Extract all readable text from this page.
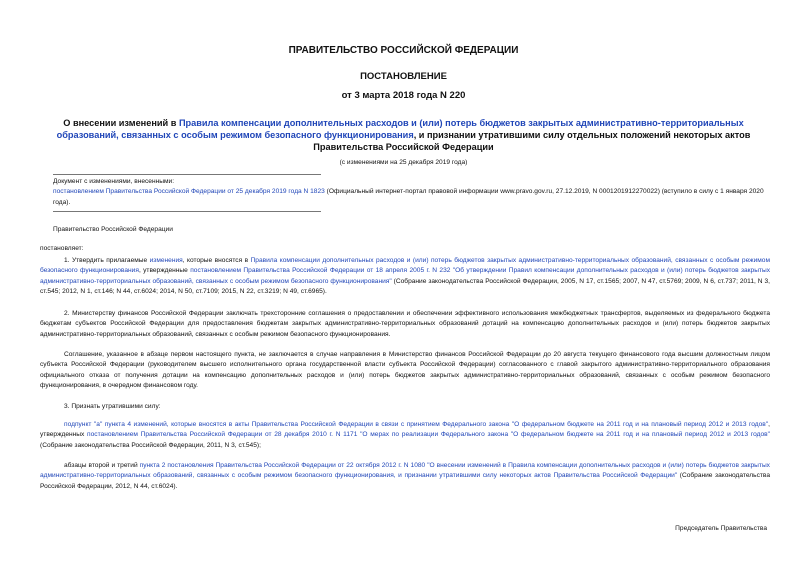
ПРАВИТЕЛЬСТВО РОССИЙСКОЙ ФЕДЕРАЦИИ
ПОСТАНОВЛЕНИЕ
от 3 марта 2018 года N 220
О внесении изменений в Правила компенсации дополнительных расходов и (или) потерь бюджетов закрытых административно-территориальных образований, связанных с особым режимом безопасного функционирования, и признании утратившими силу отдельных положений некоторых актов Правительства Российской Федерации
(с изменениями на 25 декабря 2019 года)
Документ с изменениями, внесенными:
постановлением Правительства Российской Федерации от 25 декабря 2019 года N 1823 (Официальный интернет-портал правовой информации www.pravo.gov.ru, 27.12.2019, N 0001201912270022) (вступило в силу с 1 января 2020 года).
Правительство Российской Федерации
постановляет:
1. Утвердить прилагаемые изменения, которые вносятся в Правила компенсации дополнительных расходов и (или) потерь бюджетов закрытых административно-территориальных образований, связанных с особым режимом безопасного функционирования, утвержденные постановлением Правительства Российской Федерации от 18 апреля 2005 г. N 232 "Об утверждении Правил компенсации дополнительных расходов и (или) потерь бюджетов закрытых административно-территориальных образований, связанных с особым режимом безопасного функционирования" (Собрание законодательства Российской Федерации, 2005, N 17, ст.1565; 2007, N 47, ст.5769; 2009, N 6, ст.737; 2011, N 3, ст.545; 2012, N 1, ст.146; N 44, ст.6024; 2014, N 50, ст.7109; 2015, N 22, ст.3219; N 49, ст.6965).
2. Министерству финансов Российской Федерации заключать трехсторонние соглашения о предоставлении и обеспечении эффективного использования межбюджетных трансфертов, выделяемых из федерального бюджета бюджетам субъектов Российской Федерации для предоставления бюджетам закрытых административно-территориальных образований дотаций на компенсацию дополнительных расходов и (или) потерь бюджетов закрытых административно-территориальных образований, связанных с особым режимом безопасного функционирования.
Соглашение, указанное в абзаце первом настоящего пункта, не заключается в случае направления в Министерство финансов Российской Федерации до 20 августа текущего финансового года высшим должностным лицом субъекта Российской Федерации (руководителем высшего исполнительного органа государственной власти субъекта Российской Федерации) согласованного с главой закрытого административно-территориального образования официального отказа от получения дотации на компенсацию дополнительных расходов и (или) потерь бюджетов закрытых административно-территориальных образований, связанных с особым режимом безопасного функционирования, в очередном финансовом году.
3. Признать утратившими силу:
подпункт "а" пункта 4 изменений, которые вносятся в акты Правительства Российской Федерации в связи с принятием Федерального закона "О федеральном бюджете на 2011 год и на плановый период 2012 и 2013 годов", утвержденных постановлением Правительства Российской Федерации от 28 декабря 2010 г. N 1171 "О мерах по реализации Федерального закона "О федеральном бюджете на 2011 год и на плановый период 2012 и 2013 годов" (Собрание законодательства Российской Федерации, 2011, N 3, ст.545);
абзацы второй и третий пункта 2 постановления Правительства Российской Федерации от 22 октября 2012 г. N 1080 "О внесении изменений в Правила компенсации дополнительных расходов и (или) потерь бюджетов закрытых административно-территориальных образований, связанных с особым режимом безопасного функционирования, и признании утратившими силу некоторых актов Правительства Российской Федерации" (Собрание законодательства Российской Федерации, 2012, N 44, ст.6024).
Председатель Правительства
